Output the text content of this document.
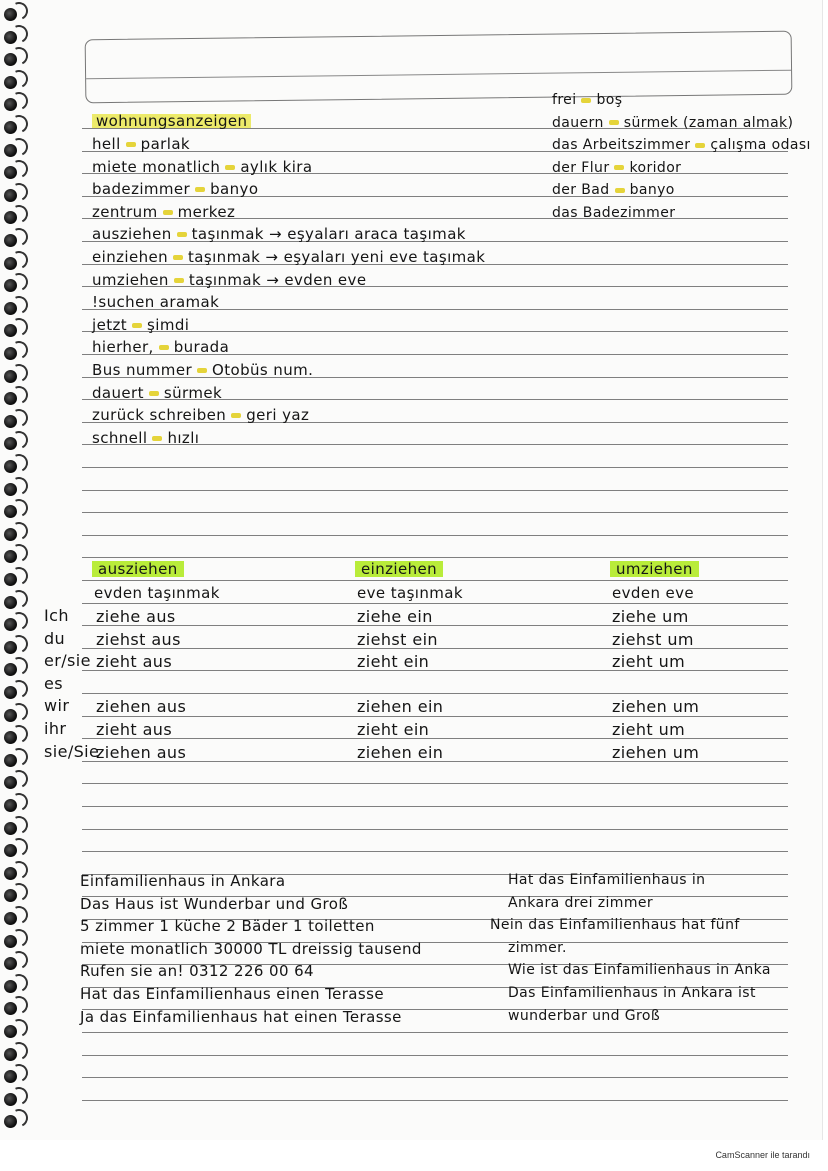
wohnungsanzeigen
hell parlak
miete monatlich aylık kira
badezimmer banyo
zentrum merkez
ausziehen taşınmak → eşyaları araca taşımak
einziehen taşınmak → eşyaları yeni eve taşımak
umziehen taşınmak → evden eve
!suchen aramak
jetzt şimdi
hierher, burada
Bus nummer Otobüs num.
dauert sürmek
zurück schreiben geri yaz
schnell hızlı
frei boş
dauern sürmek (zaman almak)
das Arbeitszimmer çalışma odası
der Flur koridor
der Bad banyo
das Badezimmer
ausziehen
evden taşınmak
ziehe aus
ziehst aus
zieht aus
ziehen aus
zieht aus
ziehen aus
einziehen
eve taşınmak
ziehe ein
ziehst ein
zieht ein
ziehen ein
zieht ein
ziehen ein
umziehen
evden eve
ziehe um
ziehst um
zieht um
ziehen um
zieht um
ziehen um
Ich
du
er/sie
es
wir
ihr
sie/Sie
Einfamilienhaus in Ankara
Das Haus ist Wunderbar und Groß
5 zimmer 1 küche 2 Bäder 1 toiletten
miete monatlich 30000 TL dreissig tausend
Rufen sie an! 0312 226 00 64
Hat das Einfamilienhaus einen Terasse
Ja das Einfamilienhaus hat einen Terasse
Hat das Einfamilienhaus in
Ankara drei zimmer
Nein das Einfamilienhaus hat fünf
zimmer.
Wie ist das Einfamilienhaus in Anka
Das Einfamilienhaus in Ankara ist
wunderbar und Groß
CamScanner ile tarandı
